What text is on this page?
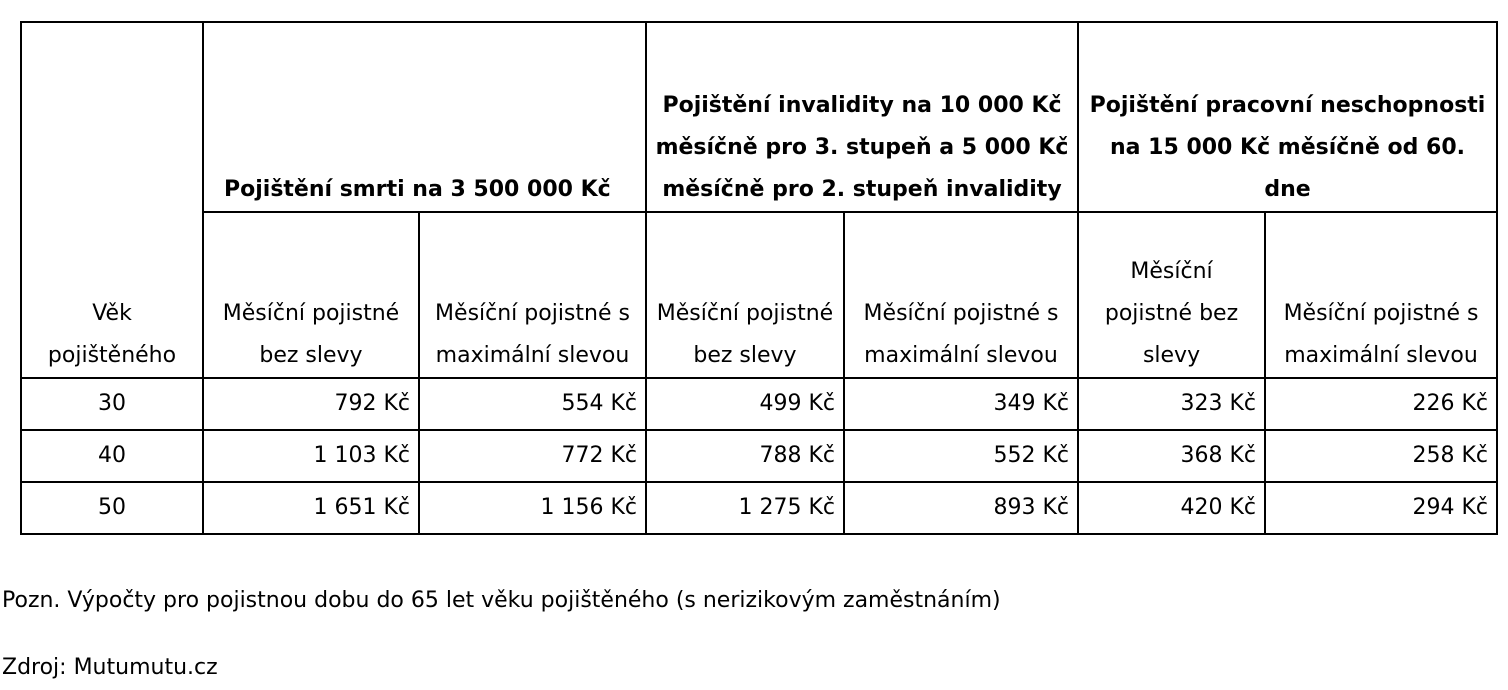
Věk pojištěného	Pojištění smrti na 3 500 000 Kč		Pojištění invalidity na 10 000 Kč měsíčně pro 3. stupeň a 5 000 Kč měsíčně pro 2. stupeň invalidity		Pojištění pracovní neschopnosti na 15 000 Kč měsíčně od 60. dne	
	Měsíční pojistné bez slevy	Měsíční pojistné s maximální slevou	Měsíční pojistné bez slevy	Měsíční pojistné s maximální slevou	Měsíční pojistné bez slevy	Měsíční pojistné s maximální slevou
30	792 Kč	554 Kč	499 Kč	349 Kč	323 Kč	226 Kč
40	1 103 Kč	772 Kč	788 Kč	552 Kč	368 Kč	258 Kč
50	1 651 Kč	1 156 Kč	1 275 Kč	893 Kč	420 Kč	294 Kč
Pozn. Výpočty pro pojistnou dobu do 65 let věku pojištěného (s nerizikovým zaměstnáním)
Zdroj: Mutumutu.cz
